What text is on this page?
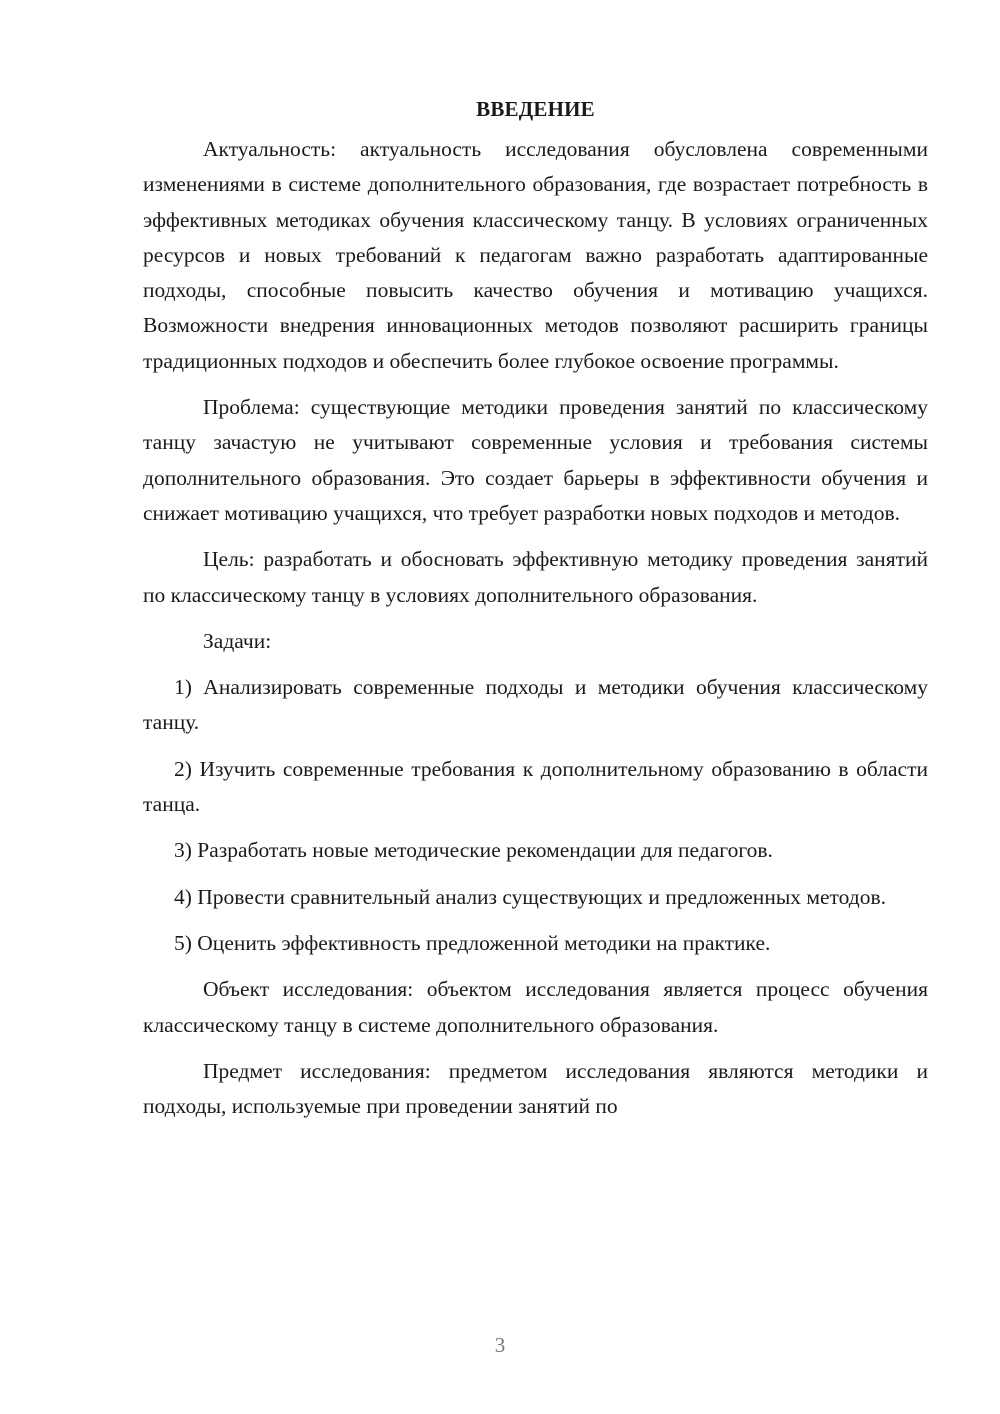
ВВЕДЕНИЕ

Актуальность: актуальность исследования обусловлена современными изменениями в системе дополнительного образования, где возрастает потребность в эффективных методиках обучения классическому танцу. В условиях ограниченных ресурсов и новых требований к педагогам важно разработать адаптированные подходы, способные повысить качество обучения и мотивацию учащихся. Возможности внедрения инновационных методов позволяют расширить границы традиционных подходов и обеспечить более глубокое освоение программы.

Проблема: существующие методики проведения занятий по классическому танцу зачастую не учитывают современные условия и требования системы дополнительного образования. Это создает барьеры в эффективности обучения и снижает мотивацию учащихся, что требует разработки новых подходов и методов.

Цель: разработать и обосновать эффективную методику проведения занятий по классическому танцу в условиях дополнительного образования.

Задачи:

1) Анализировать современные подходы и методики обучения классическому танцу.

2) Изучить современные требования к дополнительному образованию в области танца.

3) Разработать новые методические рекомендации для педагогов.

4) Провести сравнительный анализ существующих и предложенных методов.

5) Оценить эффективность предложенной методики на практике.

Объект исследования: объектом исследования является процесс обучения классическому танцу в системе дополнительного образования.

Предмет исследования: предметом исследования являются методики и подходы, используемые при проведении занятий по

3
